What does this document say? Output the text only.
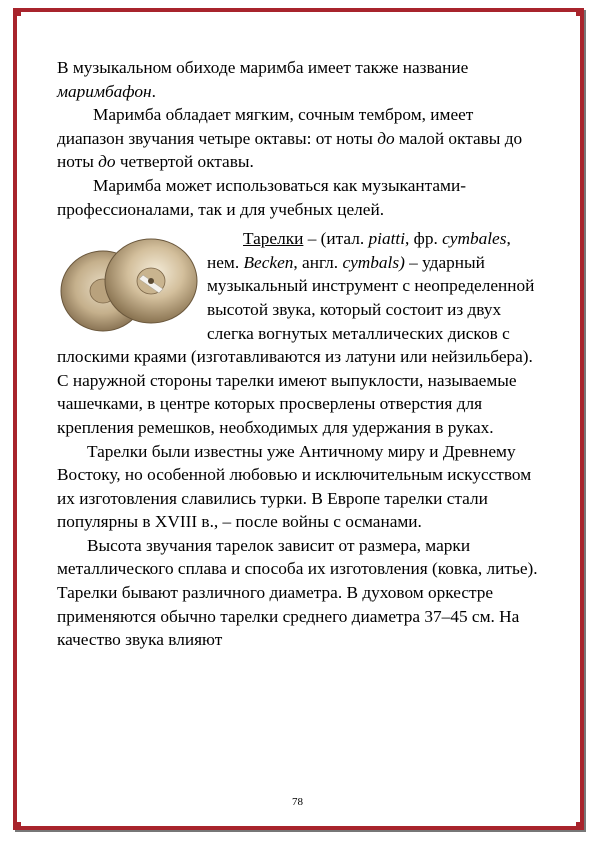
В музыкальном обиходе маримба имеет также название маримбафон.

Маримба обладает мягким, сочным тембром, имеет диапазон звучания четыре октавы: от ноты до малой октавы до ноты до четвертой октавы.

Маримба может использоваться как музыкантами-профессионалами, так и для учебных целей.

Тарелки – (итал. piatti, фр. cymbales, нем. Becken, англ. cymbals) – ударный музыкальный инструмент с неопределенной высотой звука, который состоит из двух слегка вогнутых металлических дисков с плоскими краями (изготавливаются из латуни или нейзильбера).

С наружной стороны тарелки имеют выпуклости, называемые чашечками, в центре которых просверлены отверстия для крепления ремешков, необходимых для удержания в руках.

Тарелки были известны уже Античному миру и Древнему Востоку, но особенной любовью и исключительным искусством их изготовления славились турки. В Европе тарелки стали популярны в XVIII в., – после войны с османами.

Высота звучания тарелок зависит от размера, марки металлического сплава и способа их изготовления (ковка, литье). Тарелки бывают различного диаметра. В духовом оркестре применяются обычно тарелки среднего диаметра 37–45 см. На качество звука влияют

78
